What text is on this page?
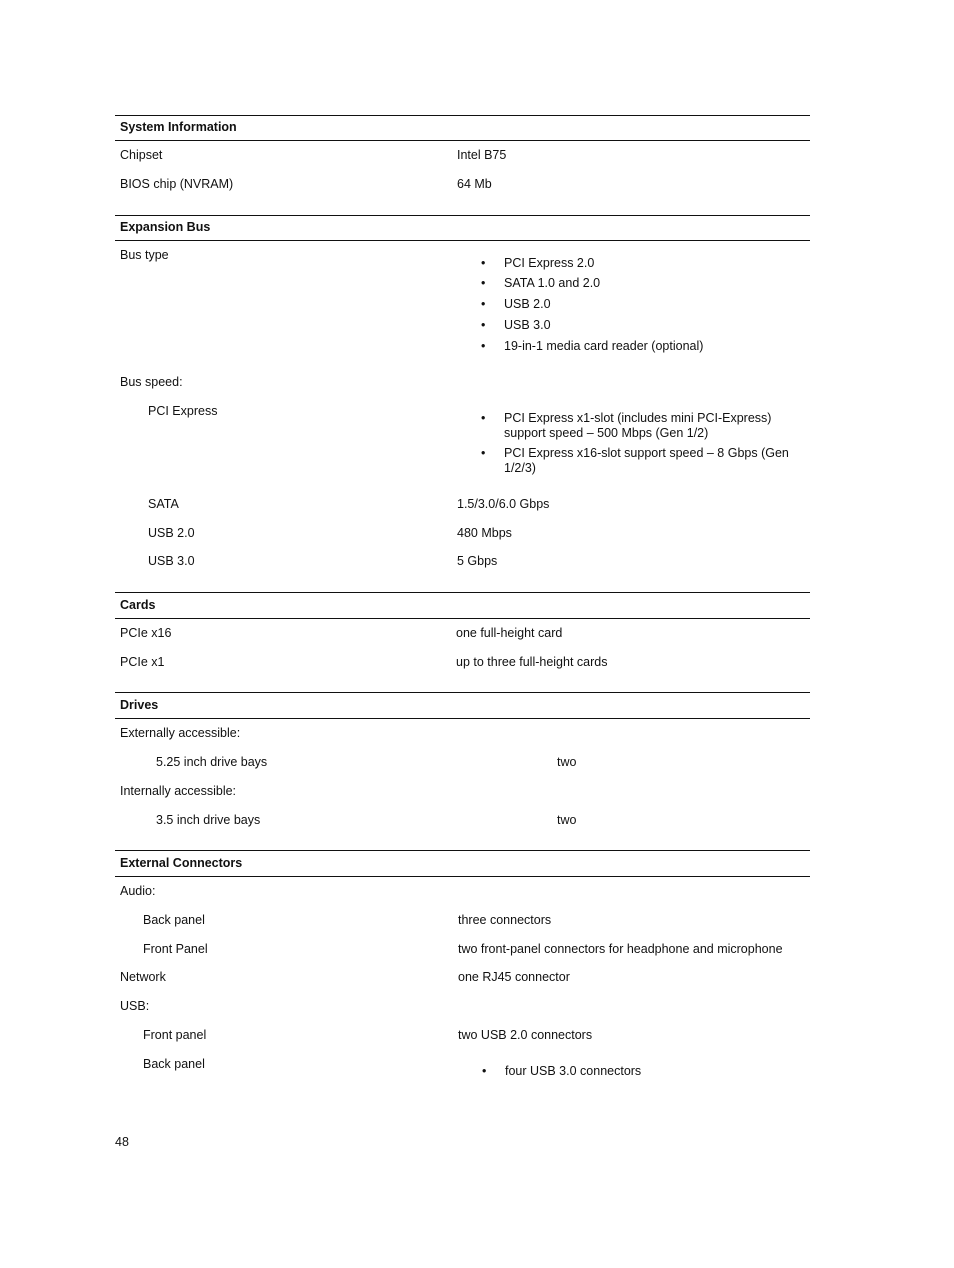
System Information
Chipset	Intel B75
BIOS chip (NVRAM)	64 Mb
Expansion Bus
Bus type
• PCI Express 2.0
• SATA 1.0 and 2.0
• USB 2.0
• USB 3.0
• 19-in-1 media card reader (optional)
Bus speed:
PCI Express	• PCI Express x1-slot (includes mini PCI-Express) support speed – 500 Mbps (Gen 1/2)
• PCI Express x16-slot support speed – 8 Gbps (Gen 1/2/3)
SATA	1.5/3.0/6.0 Gbps
USB 2.0	480 Mbps
USB 3.0	5 Gbps
Cards
PCIe x16	one full-height card
PCIe x1	up to three full-height cards
Drives
Externally accessible:
5.25 inch drive bays	two
Internally accessible:
3.5 inch drive bays	two
External Connectors
Audio:
Back panel	three connectors
Front Panel	two front-panel connectors for headphone and microphone
Network	one RJ45 connector
USB:
Front panel	two USB 2.0 connectors
Back panel	• four USB 3.0 connectors
48
